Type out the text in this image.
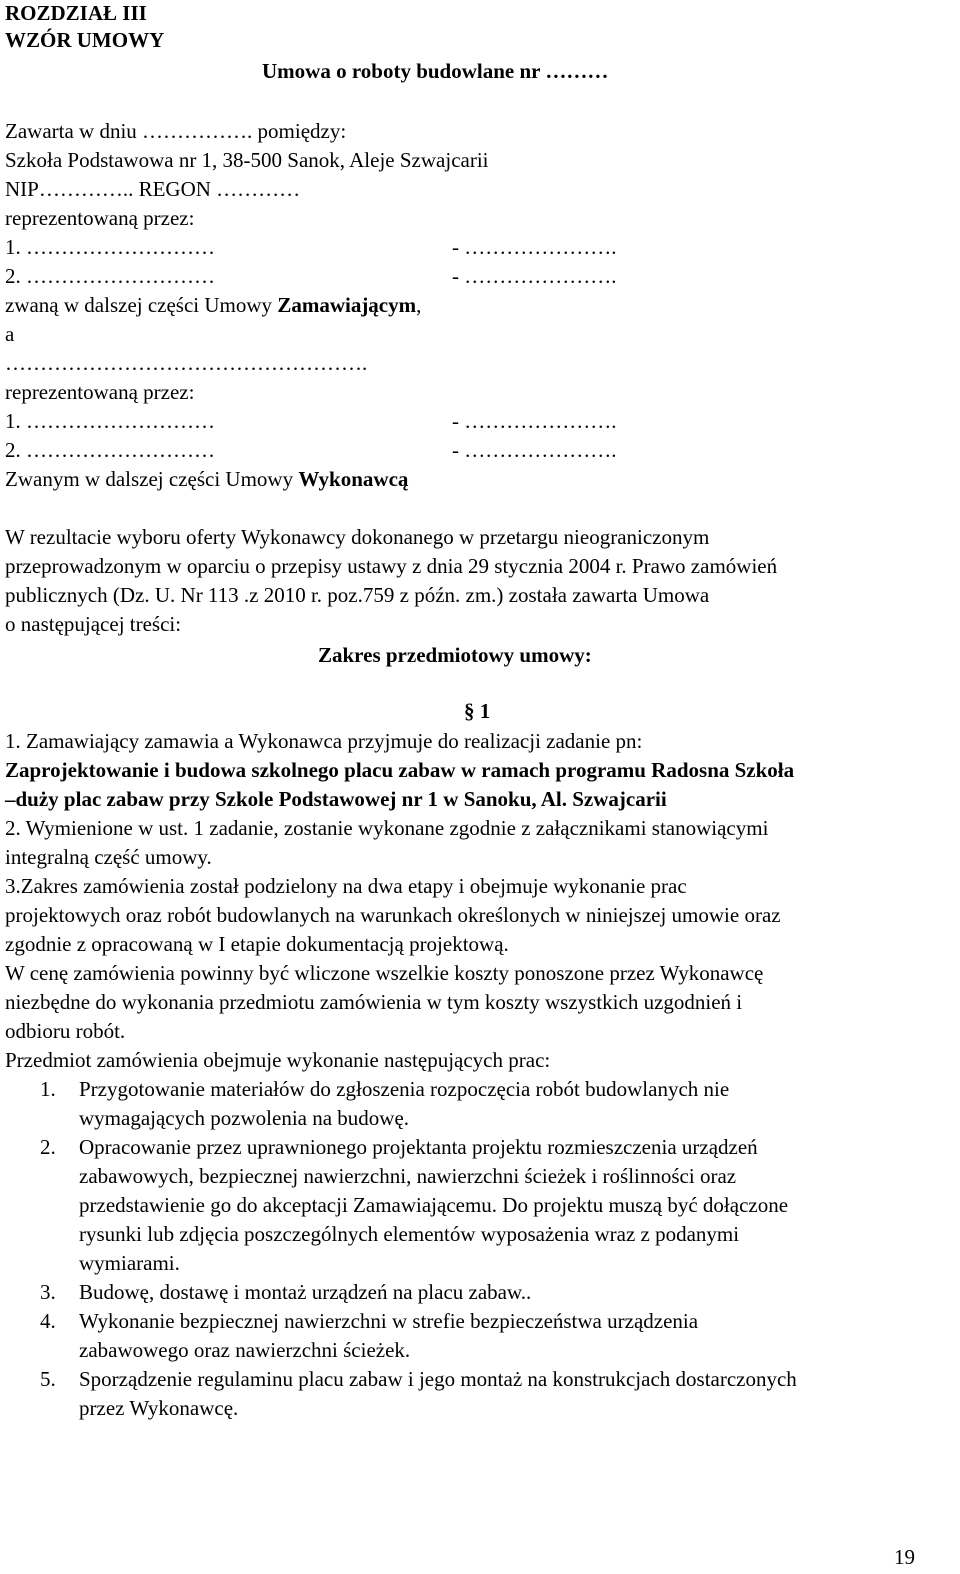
ROZDZIAŁ III
WZÓR UMOWY
Umowa o roboty budowlane nr ………
Zawarta w dniu ……………. pomiędzy:
Szkoła Podstawowa nr 1, 38-500 Sanok, Aleje Szwajcarii
NIP………….. REGON …………
reprezentowaną przez:
1. ………………………	- ………………….
2. ………………………	- ………………….
zwaną w dalszej części Umowy Zamawiającym,
a
…………………………………………….
reprezentowaną przez:
1. ………………………	- ………………….
2. ………………………	- ………………….
Zwanym w dalszej części Umowy Wykonawcą
W rezultacie wyboru oferty Wykonawcy dokonanego w przetargu nieograniczonym
przeprowadzonym w oparciu o przepisy ustawy z dnia 29 stycznia 2004 r. Prawo zamówień
publicznych (Dz. U. Nr 113 .z 2010 r. poz.759 z późn. zm.) została zawarta Umowa
o następującej treści:
Zakres przedmiotowy umowy:
§ 1
1. Zamawiający zamawia a Wykonawca przyjmuje do realizacji zadanie pn:
Zaprojektowanie i budowa szkolnego placu zabaw w ramach programu Radosna Szkoła
–duży plac zabaw przy Szkole Podstawowej nr 1 w Sanoku, Al. Szwajcarii
2. Wymienione w ust. 1 zadanie, zostanie wykonane zgodnie z załącznikami stanowiącymi
integralną część umowy.
3.Zakres zamówienia został podzielony na dwa etapy i obejmuje wykonanie prac
projektowych oraz robót budowlanych na warunkach określonych w niniejszej umowie oraz
zgodnie z opracowaną w I etapie dokumentacją projektową.
W cenę zamówienia powinny być wliczone wszelkie koszty ponoszone przez Wykonawcę
niezbędne do wykonania przedmiotu zamówienia w tym koszty wszystkich uzgodnień i
odbioru robót.
Przedmiot zamówienia obejmuje wykonanie następujących prac:
1. Przygotowanie materiałów do zgłoszenia rozpoczęcia robót budowlanych nie
wymagających pozwolenia na budowę.
2. Opracowanie przez uprawnionego projektanta projektu rozmieszczenia urządzeń
zabawowych, bezpiecznej nawierzchni, nawierzchni ścieżek i roślinności oraz
przedstawienie go do akceptacji Zamawiającemu. Do projektu muszą być dołączone
rysunki lub zdjęcia poszczególnych elementów wyposażenia wraz z podanymi
wymiarami.
3. Budowę, dostawę i montaż urządzeń na placu zabaw..
4. Wykonanie bezpiecznej nawierzchni w strefie bezpieczeństwa urządzenia
zabawowego oraz nawierzchni ścieżek.
5. Sporządzenie regulaminu placu zabaw i jego montaż na konstrukcjach dostarczonych
przez Wykonawcę.
19
